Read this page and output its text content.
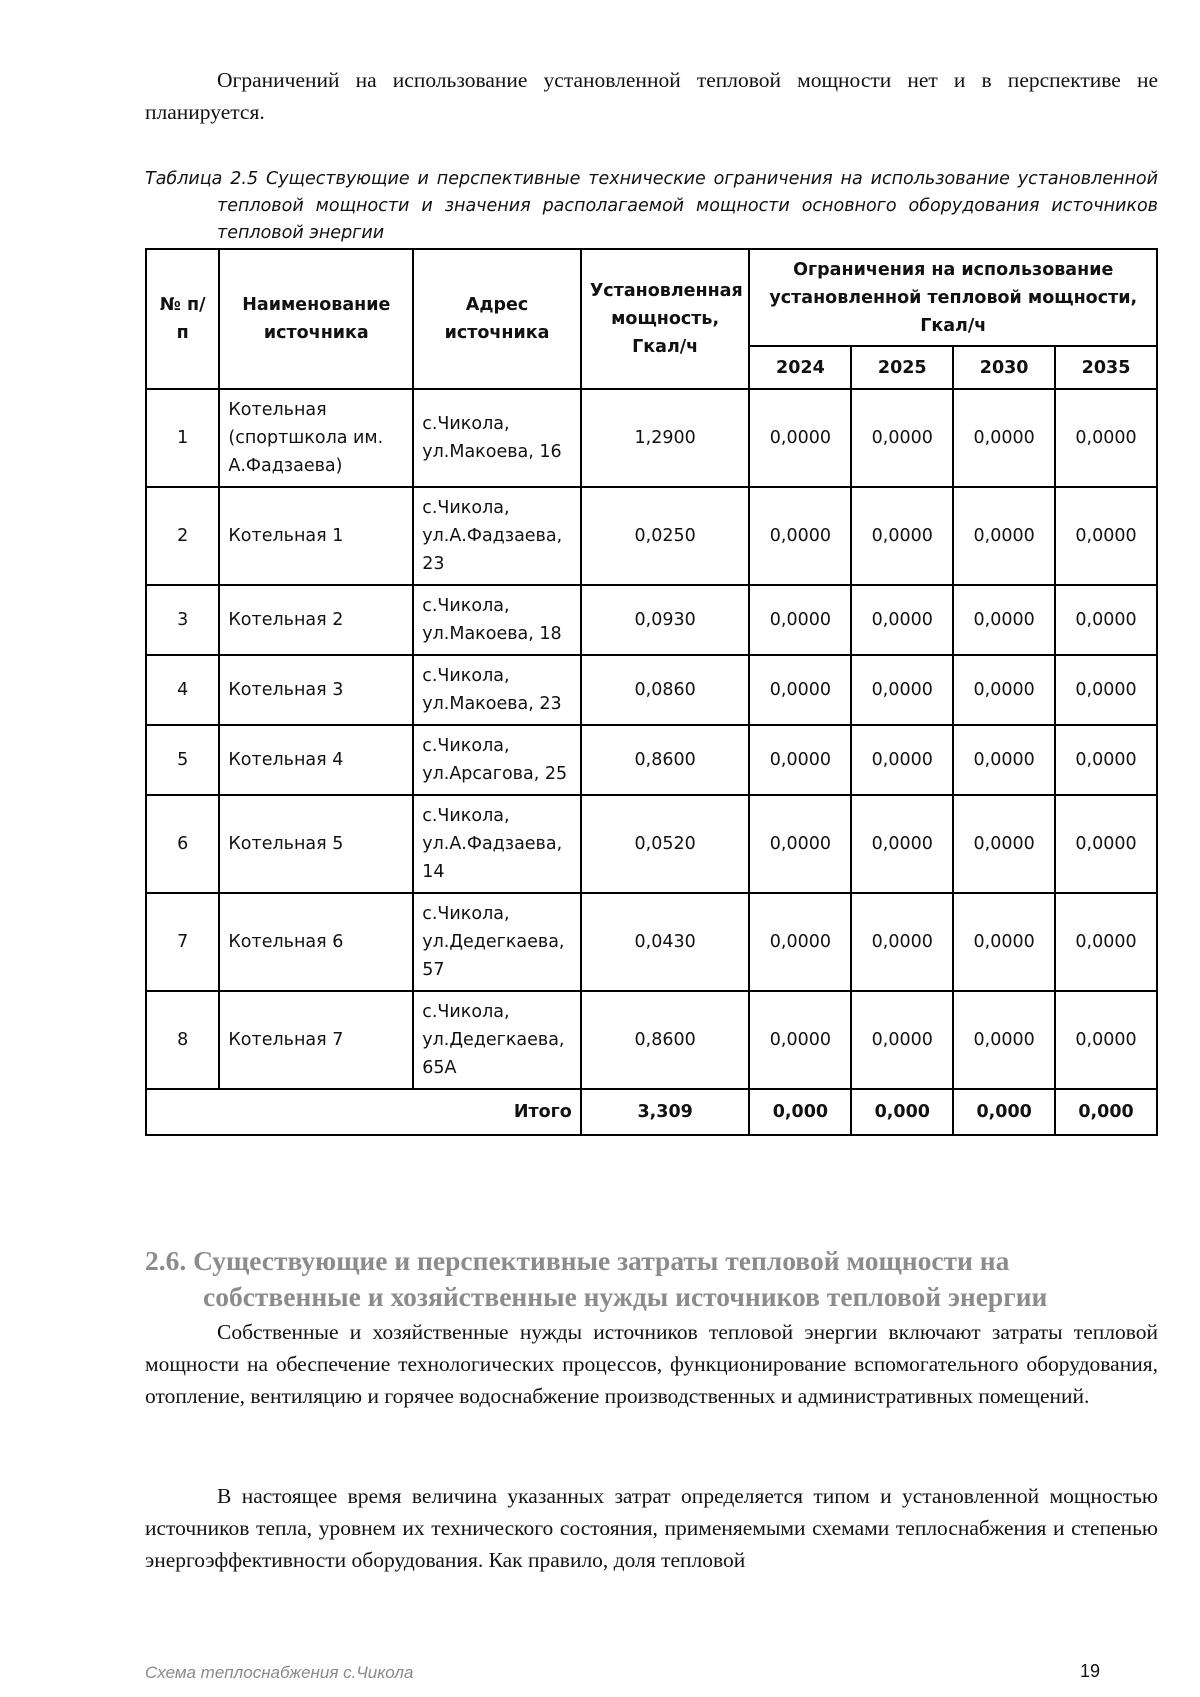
Ограничений на использование установленной тепловой мощности нет и в перспективе не планируется.
Таблица 2.5 Существующие и перспективные технические ограничения на использование установленной тепловой мощности и значения располагаемой мощности основного оборудования источников тепловой энергии
№ п/п	Наименование источника	Адрес источника	Установленная мощность, Гкал/ч	Ограничения на использование установленной тепловой мощности, Гкал/ч			
				2024	2025	2030	2035
1	Котельная (спортшкола им. А.Фадзаева)	с.Чикола, ул.Макоева, 16	1,2900	0,0000	0,0000	0,0000	0,0000
2	Котельная 1	с.Чикола, ул.А.Фадзаева, 23	0,0250	0,0000	0,0000	0,0000	0,0000
3	Котельная 2	с.Чикола, ул.Макоева, 18	0,0930	0,0000	0,0000	0,0000	0,0000
4	Котельная 3	с.Чикола, ул.Макоева, 23	0,0860	0,0000	0,0000	0,0000	0,0000
5	Котельная 4	с.Чикола, ул.Арсагова, 25	0,8600	0,0000	0,0000	0,0000	0,0000
6	Котельная 5	с.Чикола, ул.А.Фадзаева, 14	0,0520	0,0000	0,0000	0,0000	0,0000
7	Котельная 6	с.Чикола, ул.Дедегкаева, 57	0,0430	0,0000	0,0000	0,0000	0,0000
8	Котельная 7	с.Чикола, ул.Дедегкаева, 65А	0,8600	0,0000	0,0000	0,0000	0,0000
Итого			3,309	0,000	0,000	0,000	0,000
2.6. Существующие и перспективные затраты тепловой мощности на
собственные и хозяйственные нужды источников тепловой энергии
Собственные и хозяйственные нужды источников тепловой энергии включают затраты тепловой мощности на обеспечение технологических процессов, функционирование вспомогательного оборудования, отопление, вентиляцию и горячее водоснабжение производственных и административных помещений.
В настоящее время величина указанных затрат определяется типом и установленной мощностью источников тепла, уровнем их технического состояния, применяемыми схемами теплоснабжения и степенью энергоэффективности оборудования. Как правило, доля тепловой
Схема теплоснабжения с.Чикола	19
